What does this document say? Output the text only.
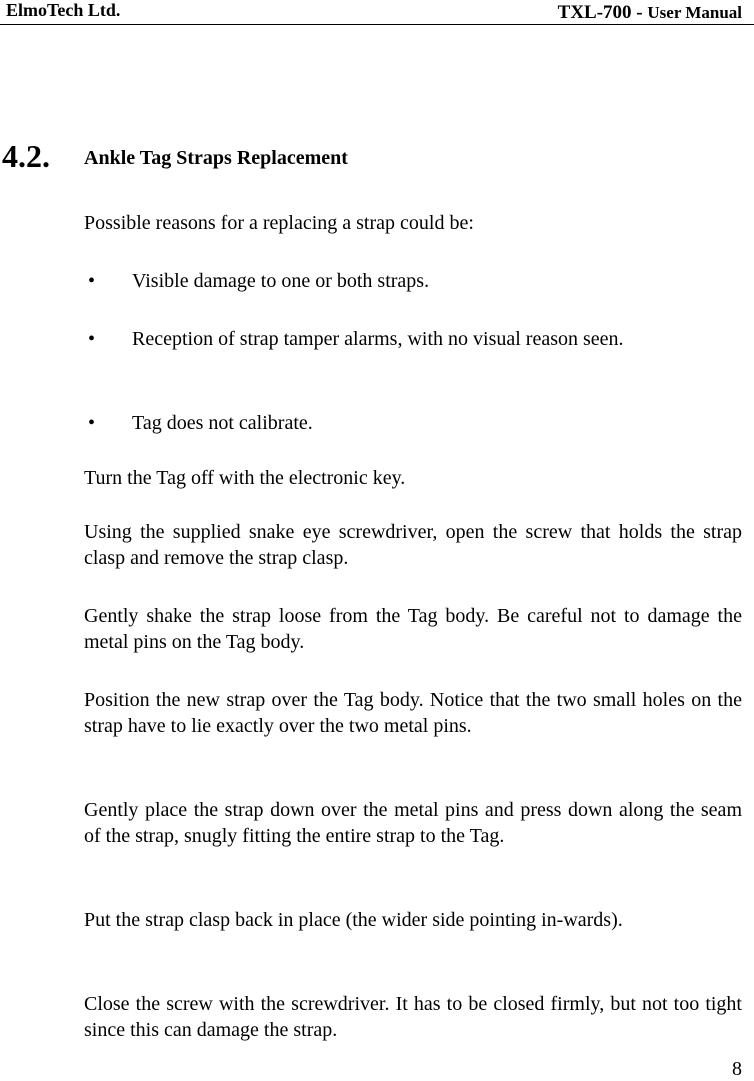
ElmoTech Ltd.	TXL-700 - User Manual
4.2. Ankle Tag Straps Replacement

Possible reasons for a replacing a strap could be:

• Visible damage to one or both straps.
• Reception of strap tamper alarms, with no visual reason seen.
• Tag does not calibrate.

Turn the Tag off with the electronic key.

Using the supplied snake eye screwdriver, open the screw that holds the strap clasp and remove the strap clasp.

Gently shake the strap loose from the Tag body. Be careful not to damage the metal pins on the Tag body.

Position the new strap over the Tag body. Notice that the two small holes on the strap have to lie exactly over the two metal pins.

Gently place the strap down over the metal pins and press down along the seam of the strap, snugly fitting the entire strap to the Tag.

Put the strap clasp back in place (the wider side pointing in-wards).

Close the screw with the screwdriver. It has to be closed firmly, but not too tight since this can damage the strap.

8
